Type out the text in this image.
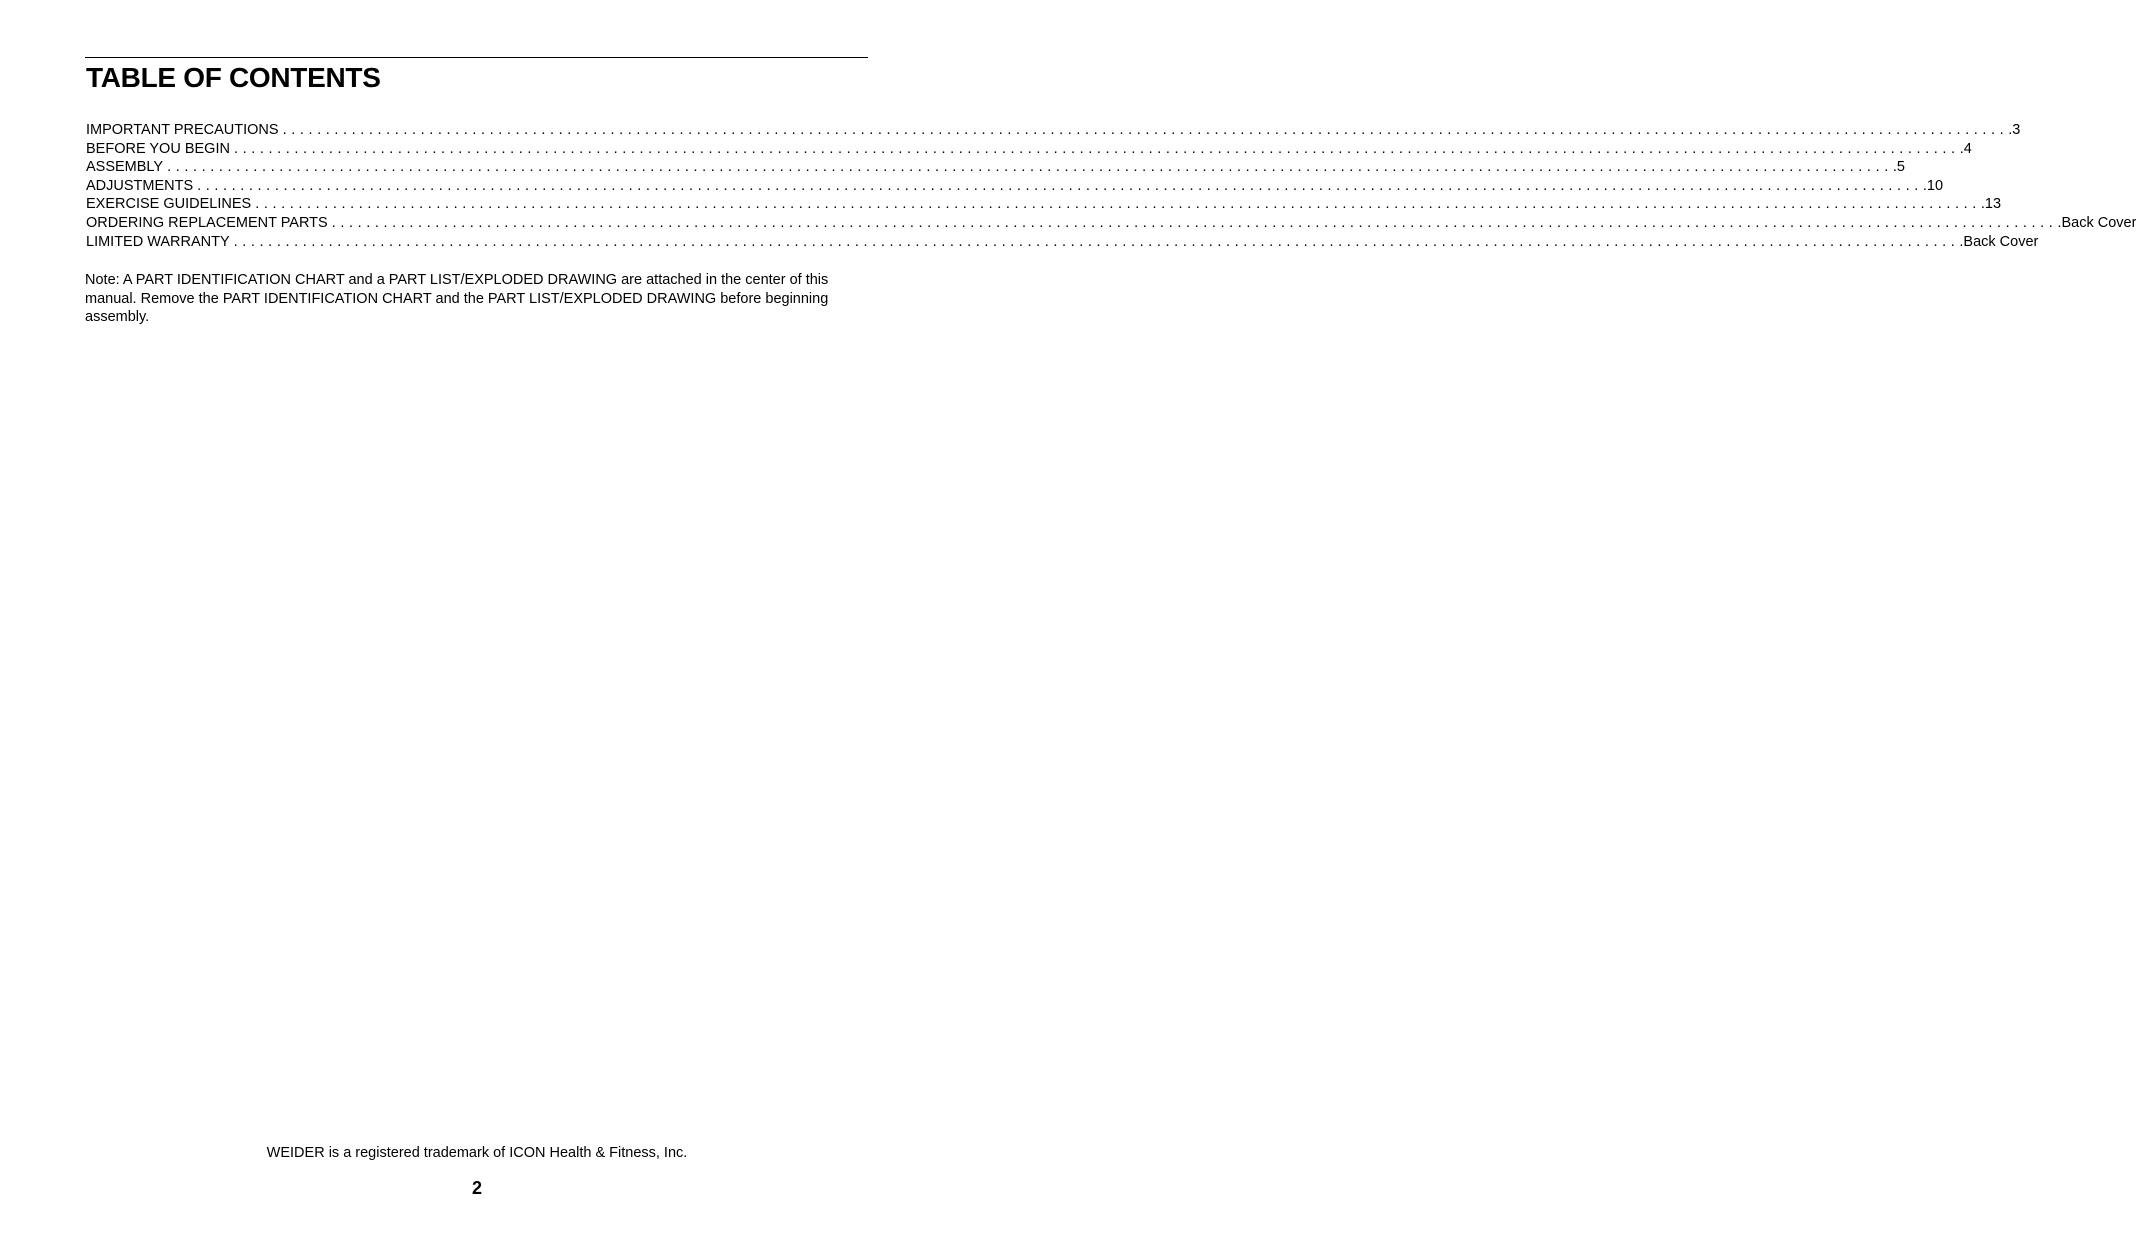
TABLE OF CONTENTS
IMPORTANT PRECAUTIONS ........................................................................................................................................................................................................ .3
BEFORE YOU BEGIN ........................................................................................................................................................................................................ .4
ASSEMBLY ........................................................................................................................................................................................................ .5
ADJUSTMENTS ........................................................................................................................................................................................................ .10
EXERCISE GUIDELINES ........................................................................................................................................................................................................ .13
ORDERING REPLACEMENT PARTS ........................................................................................................................................................................................................ .Back Cover
LIMITED WARRANTY ........................................................................................................................................................................................................ .Back Cover

Note: A PART IDENTIFICATION CHART and a PART LIST/EXPLODED DRAWING are attached in the center of this manual. Remove the PART IDENTIFICATION CHART and the PART LIST/EXPLODED DRAWING before beginning assembly.

WEIDER is a registered trademark of ICON Health & Fitness, Inc.

2
